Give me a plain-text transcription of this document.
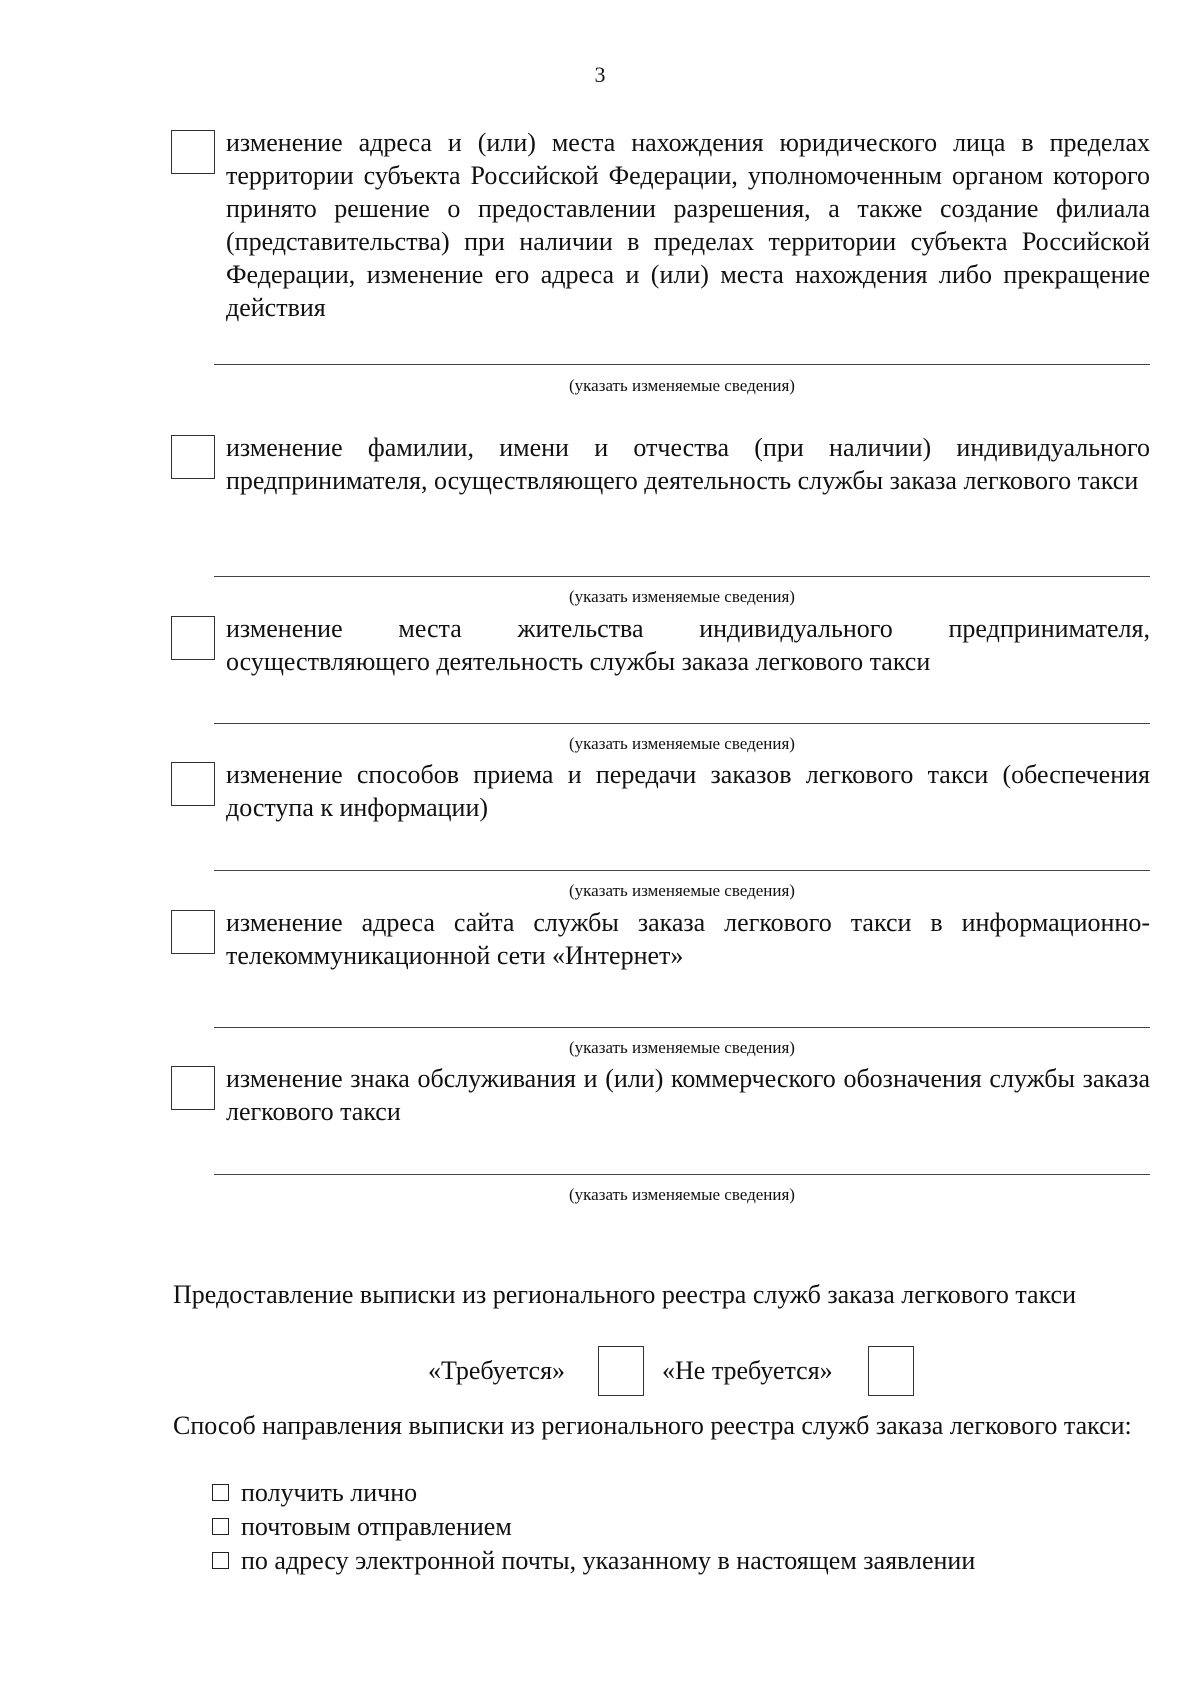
3
изменение адреса и (или) места нахождения юридического лица в пределах территории субъекта Российской Федерации, уполномоченным органом которого принято решение о предоставлении разрешения, а также создание филиала (представительства) при наличии в пределах территории субъекта Российской Федерации, изменение его адреса и (или) места нахождения либо прекращение действия
(указать изменяемые сведения)
изменение фамилии, имени и отчества (при наличии) индивидуального предпринимателя, осуществляющего деятельность службы заказа легкового такси
(указать изменяемые сведения)
изменение места жительства индивидуального предпринимателя, осуществляющего деятельность службы заказа легкового такси
(указать изменяемые сведения)
изменение способов приема и передачи заказов легкового такси (обеспечения доступа к информации)
(указать изменяемые сведения)
изменение адреса сайта службы заказа легкового такси в информационно-телекоммуникационной сети «Интернет»
(указать изменяемые сведения)
изменение знака обслуживания и (или) коммерческого обозначения службы заказа легкового такси
(указать изменяемые сведения)
Предоставление выписки из регионального реестра служб заказа легкового такси
«Требуется»	«Не требуется»
Способ направления выписки из регионального реестра служб заказа легкового такси:
получить лично
почтовым отправлением
по адресу электронной почты, указанному в настоящем заявлении
